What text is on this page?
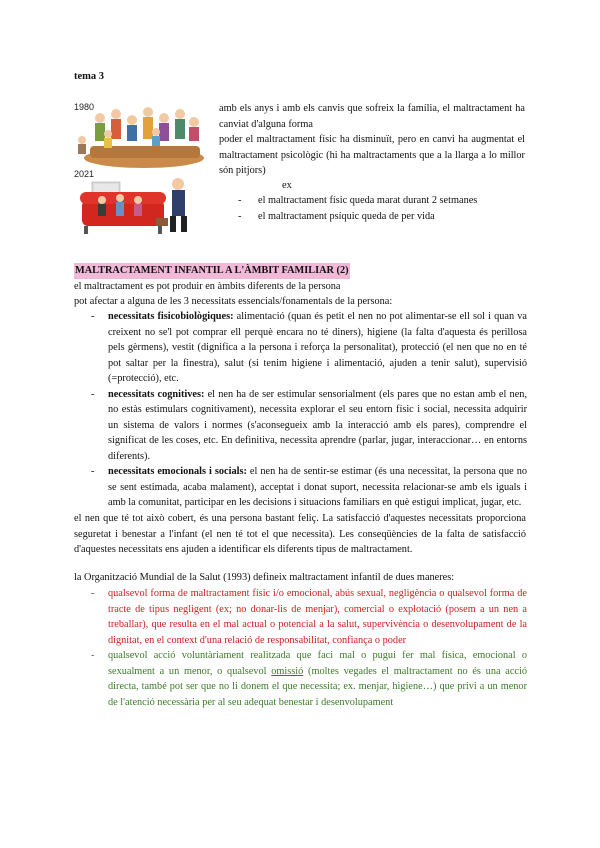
tema 3
1980
2021
amb els anys i amb els canvis que sofreix la família, el maltractament ha canviat d'alguna forma
poder el maltractament físic ha disminuït, pero en canvi ha augmentat el maltractament psicològic (hi ha maltractaments que a la llarga a lo millor són pitjors)
ex
- el maltractament físic queda marat durant 2 setmanes
- el maltractament psíquic queda de per vida
MALTRACTAMENT INFANTIL A L'ÀMBIT FAMILIAR (2)
el maltractament es pot produir en àmbits diferents de la persona
pot afectar a alguna de les 3 necessitats essencials/fonamentals de la persona:
- necessitats fisicobiològiques: alimentació (quan és petit el nen no pot alimentar-se ell sol i quan va creixent no se'l pot comprar ell perquè encara no té diners), higiene (la falta d'aquesta és perillosa pels gèrmens), vestit (dignifica a la persona i reforça la personalitat), protecció (el nen que no en té pot saltar per la finestra), salut (si tenim higiene i alimentació, ajuden a tenir salut), supervisió (=protecció), etc.
- necessitats cognitives: el nen ha de ser estimular sensorialment (els pares que no estan amb el nen, no estàs estimulars cognitivament), necessita explorar el seu entorn físic i social, necessita adquirir un sistema de valors i normes (s'aconsegueix amb la interacció amb els pares), comprendre el significat de les coses, etc. En definitiva, necessita aprendre (parlar, jugar, interaccionar… en entorns diferents).
- necessitats emocionals i socials: el nen ha de sentir-se estimar (és una necessitat, la persona que no se sent estimada, acaba malament), acceptat i donat suport, necessita relacionar-se amb els iguals i amb la comunitat, participar en les decisions i situacions familiars en què estigui implicat, jugar, etc.
el nen que té tot això cobert, és una persona bastant feliç. La satisfacció d'aquestes necessitats proporciona seguretat i benestar a l'infant (el nen té tot el que necessita). Les conseqüències de la falta de satisfacció d'aquestes necessitats ens ajuden a identificar els diferents tipus de maltractament.
la Organització Mundial de la Salut (1993) defineix maltractament infantil de dues maneres:
- qualsevol forma de maltractament físic i/o emocional, abús sexual, negligència o qualsevol forma de tracte de tipus negligent (ex; no donar-lis de menjar), comercial o explotació (posem a un nen a treballar), que resulta en el mal actual o potencial a la salut, supervivència o desenvolupament de la dignitat, en el context d'una relació de responsabilitat, confiança o poder
- qualsevol acció voluntàriament realitzada que faci mal o pugui fer mal física, emocional o sexualment a un menor, o qualsevol omissió (moltes vegades el maltractament no és una acció directa, també pot ser que no li donem el que necessita; ex. menjar, higiene…) que privi a un menor de l'atenció necessària per al seu adequat benestar i desenvolupament
